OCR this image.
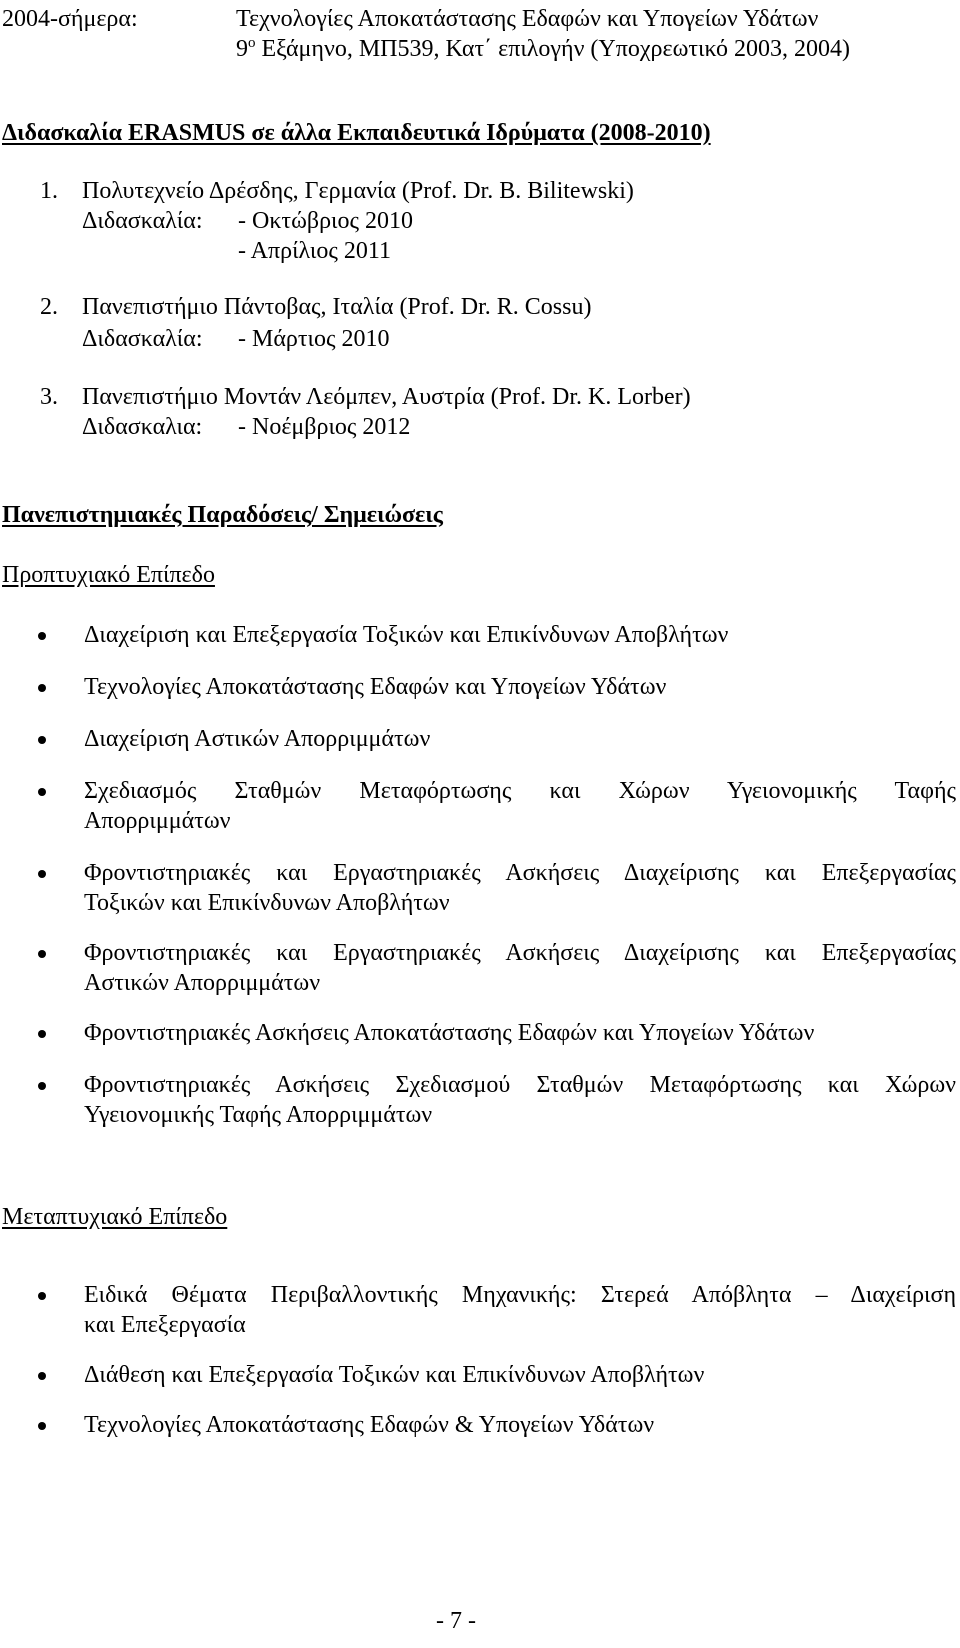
2004-σήμερα:	Τεχνολογίες Αποκατάστασης Εδαφών και Υπογείων Υδάτων
$9^o$ Εξάμηνο, ΜΠ539, Κατ΄ επιλογήν (Υποχρεωτικό 2003, 2004)
Διδασκαλία ERASMUS σε άλλα Εκπαιδευτικά Ιδρύματα (2008-2010)
1. Πολυτεχνείο Δρέσδης, Γερμανία (Prof. Dr. B. Bilitewski)
Διδασκαλία: - Οκτώβριος 2010
- Απρίλιος 2011
2. Πανεπιστήμιο Πάντοβας, Ιταλία (Prof. Dr. R. Cossu)
Διδασκαλία: - Μάρτιος 2010
3. Πανεπιστήμιο Μοντάν Λεόμπεν, Αυστρία (Prof. Dr. K. Lorber)
Διδασκαλια: - Νοέμβριος 2012
Πανεπιστημιακές Παραδόσεις/ Σημειώσεις
Προπτυχιακό Επίπεδο
Διαχείριση και Επεξεργασία Τοξικών και Επικίνδυνων Αποβλήτων
Τεχνολογίες Αποκατάστασης Εδαφών και Υπογείων Υδάτων
Διαχείριση Αστικών Απορριμμάτων
Σχεδιασμός Σταθμών Μεταφόρτωσης και Χώρων Υγειονομικής Ταφής
Απορριμμάτων
Φροντιστηριακές και Εργαστηριακές Ασκήσεις Διαχείρισης και Επεξεργασίας
Τοξικών και Επικίνδυνων Αποβλήτων
Φροντιστηριακές και Εργαστηριακές Ασκήσεις Διαχείρισης και Επεξεργασίας
Αστικών Απορριμμάτων
Φροντιστηριακές Ασκήσεις Αποκατάστασης Εδαφών και Υπογείων Υδάτων
Φροντιστηριακές Ασκήσεις Σχεδιασμού Σταθμών Μεταφόρτωσης και Χώρων
Υγειονομικής Ταφής Απορριμμάτων
Μεταπτυχιακό Επίπεδο
Ειδικά Θέματα Περιβαλλοντικής Μηχανικής: Στερεά Απόβλητα – Διαχείριση
και Επεξεργασία
Διάθεση και Επεξεργασία Τοξικών και Επικίνδυνων Αποβλήτων
Τεχνολογίες Αποκατάστασης Εδαφών & Υπογείων Υδάτων
- 7 -
